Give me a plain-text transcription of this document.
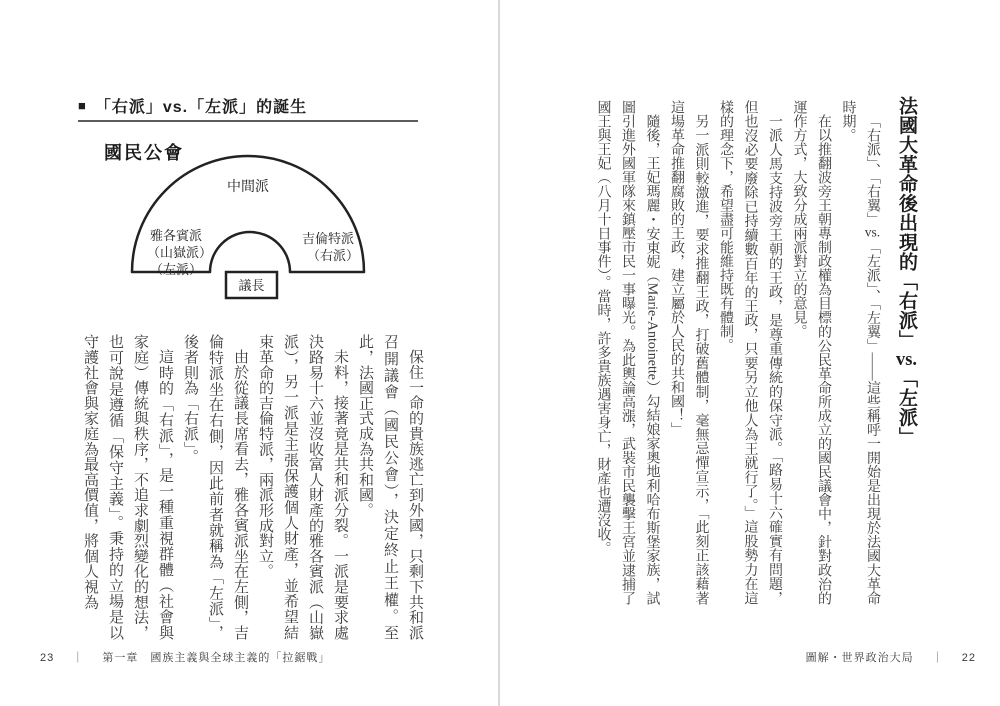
■ 「右派」vs.「左派」的誕生
國民公會
中間派
雅各賓派
（山嶽派）
（左派）
吉倫特派
（右派）
議長

保住一命的貴族逃亡到外國，只剩下共和派召開議會（國民公會），決定終止王權。至此，法國正式成為共和國。

未料，接著竟是共和派分裂。一派是要求處決路易十六並沒收富人財產的雅各賓派（山嶽派），另一派是主張保護個人財產，並希望結束革命的吉倫特派，兩派形成對立。

由於從議長席看去，雅各賓派坐在左側，吉倫特派坐在右側，因此前者就稱為「左派」，後者則為「右派」。

這時的「右派」，是一種重視群體（社會與家庭）傳統與秩序，不追求劇烈變化的想法，也可說是遵循「保守主義」。秉持的立場是以守護社會與家庭為最高價值，將個人視為

23 ｜ 第一章　國族主義與全球主義的「拉鋸戰」
法國大革命後出現的「右派」vs.「左派」

「右派」、「右翼」vs.「左派」、「左翼」——這些稱呼一開始是出現於法國大革命時期。

在以推翻波旁王朝專制政權為目標的公民革命所成立的國民議會中，針對政治的運作方式，大致分成兩派對立的意見。

一派人馬支持波旁王朝的王政，是尊重傳統的保守派。「路易十六確實有問題，但也沒必要廢除已持續數百年的王政，只要另立他人為王就行了。」這股勢力在這樣的理念下，希望盡可能維持既有體制。

另一派則較激進，要求推翻王政，打破舊體制，毫無忌憚宣示，「此刻正該藉著這場革命推翻腐敗的王政，建立屬於人民的共和國！」

隨後，王妃瑪麗・安東妮（Marie-Antoinette）勾結娘家奧地利哈布斯堡家族，試圖引進外國軍隊來鎮壓市民一事曝光。為此輿論高漲，武裝市民襲擊王宮並逮捕了國王與王妃（八月十日事件）。當時，許多貴族遇害身亡，財產也遭沒收。

圖解・世界政治大局 ｜ 22
